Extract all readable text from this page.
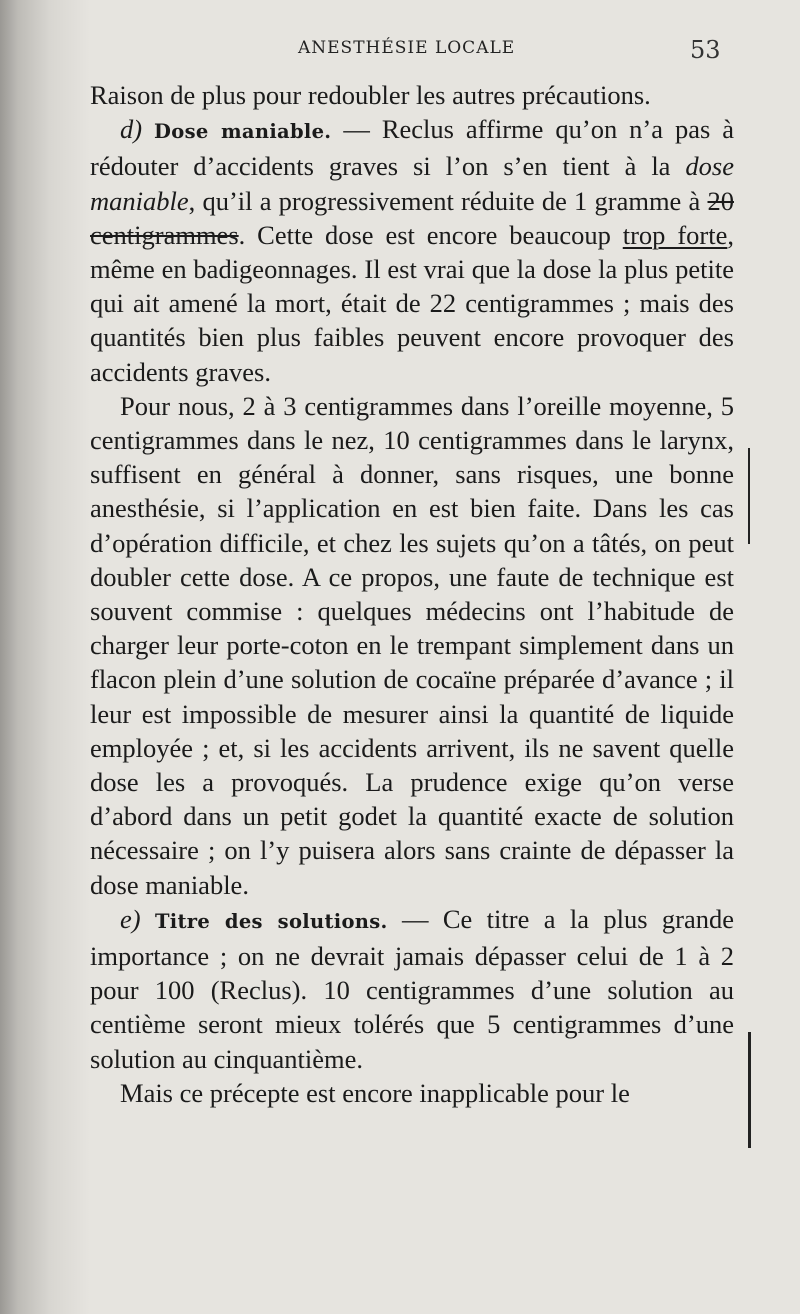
ANESTHÉSIE LOCALE	53

Raison de plus pour redoubler les autres précautions.

d) Dose maniable. — Reclus affirme qu’on n’a pas à rédouter d’accidents graves si l’on s’en tient à la dose maniable, qu’il a progressivement réduite de 1 gramme à 20 centigrammes. Cette dose est encore beaucoup trop forte, même en badigeonnages. Il est vrai que la dose la plus petite qui ait amené la mort, était de 22 centigrammes ; mais des quantités bien plus faibles peuvent encore provoquer des accidents graves.

Pour nous, 2 à 3 centigrammes dans l’oreille moyenne, 5 centigrammes dans le nez, 10 centigrammes dans le larynx, suffisent en général à donner, sans risques, une bonne anesthésie, si l’application en est bien faite. Dans les cas d’opération difficile, et chez les sujets qu’on a tâtés, on peut doubler cette dose. A ce propos, une faute de technique est souvent commise : quelques médecins ont l’habitude de charger leur porte-coton en le trempant simplement dans un flacon plein d’une solution de cocaïne préparée d’avance ; il leur est impossible de mesurer ainsi la quantité de liquide employée ; et, si les accidents arrivent, ils ne savent quelle dose les a provoqués. La prudence exige qu’on verse d’abord dans un petit godet la quantité exacte de solution nécessaire ; on l’y puisera alors sans crainte de dépasser la dose maniable.

e) Titre des solutions. — Ce titre a la plus grande importance ; on ne devrait jamais dépasser celui de 1 à 2 pour 100 (Reclus). 10 centigrammes d’une solution au centième seront mieux tolérés que 5 centigrammes d’une solution au cinquantième.

Mais ce précepte est encore inapplicable pour le
